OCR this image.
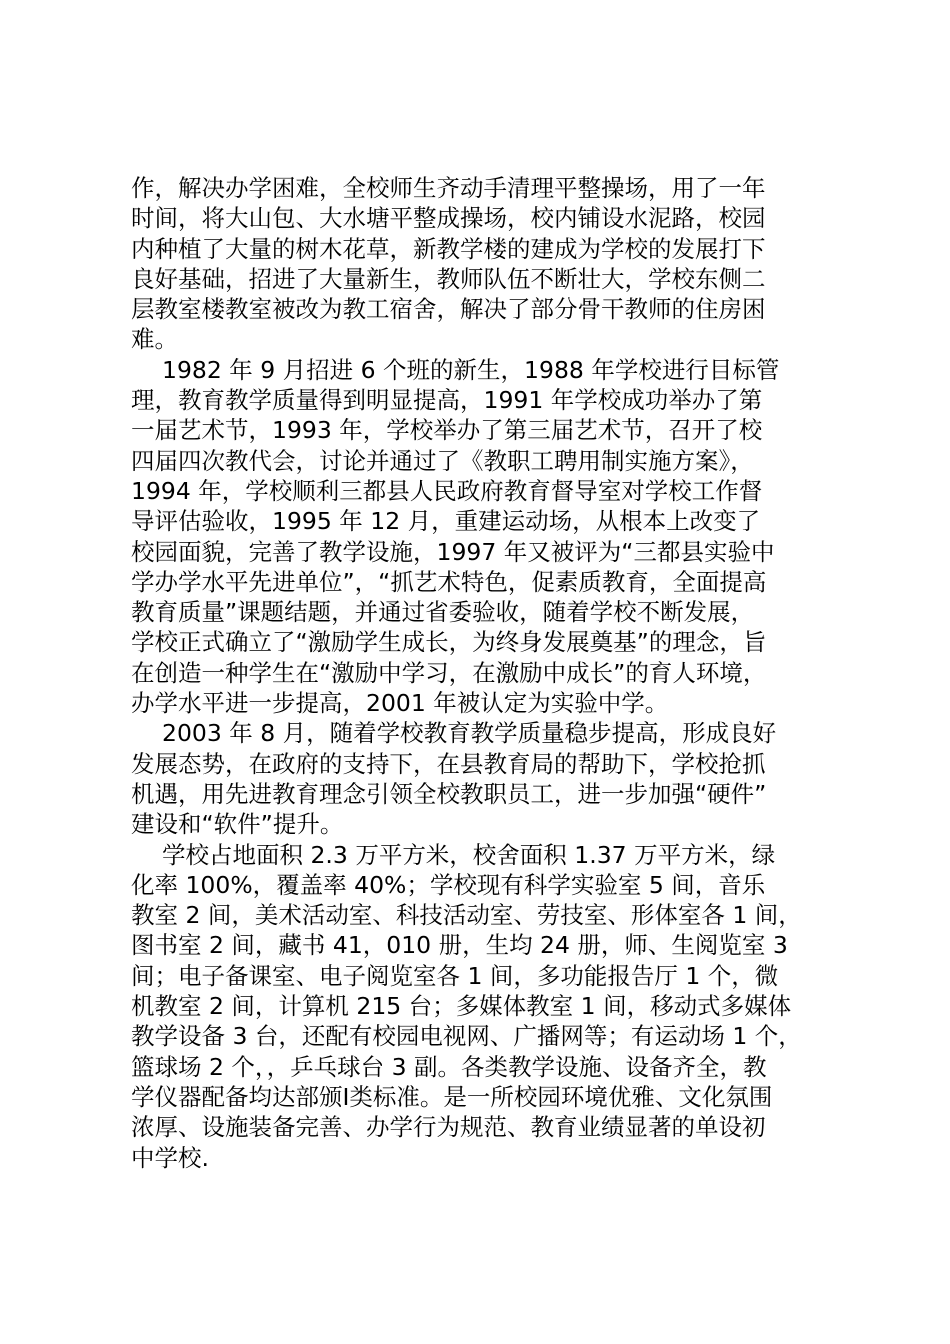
作，解决办学困难，全校师生齐动手清理平整操场，用了一年
时间，将大山包、大水塘平整成操场，校内铺设水泥路，校园
内种植了大量的树木花草，新教学楼的建成为学校的发展打下
良好基础，招进了大量新生，教师队伍不断壮大，学校东侧二
层教室楼教室被改为教工宿舍，解决了部分骨干教师的住房困
难。
1982 年 9 月招进 6 个班的新生，1988 年学校进行目标管
理，教育教学质量得到明显提高，1991 年学校成功举办了第
一届艺术节，1993 年，学校举办了第三届艺术节，召开了校
四届四次教代会，讨论并通过了《教职工聘用制实施方案》，
1994 年，学校顺利三都县人民政府教育督导室对学校工作督
导评估验收，1995 年 12 月，重建运动场，从根本上改变了
校园面貌，完善了教学设施，1997 年又被评为“三都县实验中
学办学水平先进单位”，“抓艺术特色，促素质教育，全面提高
教育质量”课题结题，并通过省委验收，随着学校不断发展，
学校正式确立了“激励学生成长，为终身发展奠基”的理念，旨
在创造一种学生在“激励中学习，在激励中成长”的育人环境，
办学水平进一步提高，2001 年被认定为实验中学。
2003 年 8 月，随着学校教育教学质量稳步提高，形成良好
发展态势，在政府的支持下，在县教育局的帮助下，学校抢抓
机遇，用先进教育理念引领全校教职员工，进一步加强“硬件”
建设和“软件”提升。
学校占地面积 2.3 万平方米，校舍面积 1.37 万平方米，绿
化率 100%，覆盖率 40%；学校现有科学实验室 5 间，音乐
教室 2 间，美术活动室、科技活动室、劳技室、形体室各 1 间，
图书室 2 间，藏书 41，010 册，生均 24 册，师、生阅览室 3
间；电子备课室、电子阅览室各 1 间，多功能报告厅 1 个，微
机教室 2 间，计算机 215 台；多媒体教室 1 间，移动式多媒体
教学设备 3 台，还配有校园电视网、广播网等；有运动场 1 个，
篮球场 2 个，，乒乓球台 3 副。各类教学设施、设备齐全，教
学仪器配备均达部颁Ⅰ类标准。是一所校园环境优雅、文化氛围
浓厚、设施装备完善、办学行为规范、教育业绩显著的单设初
中学校.
